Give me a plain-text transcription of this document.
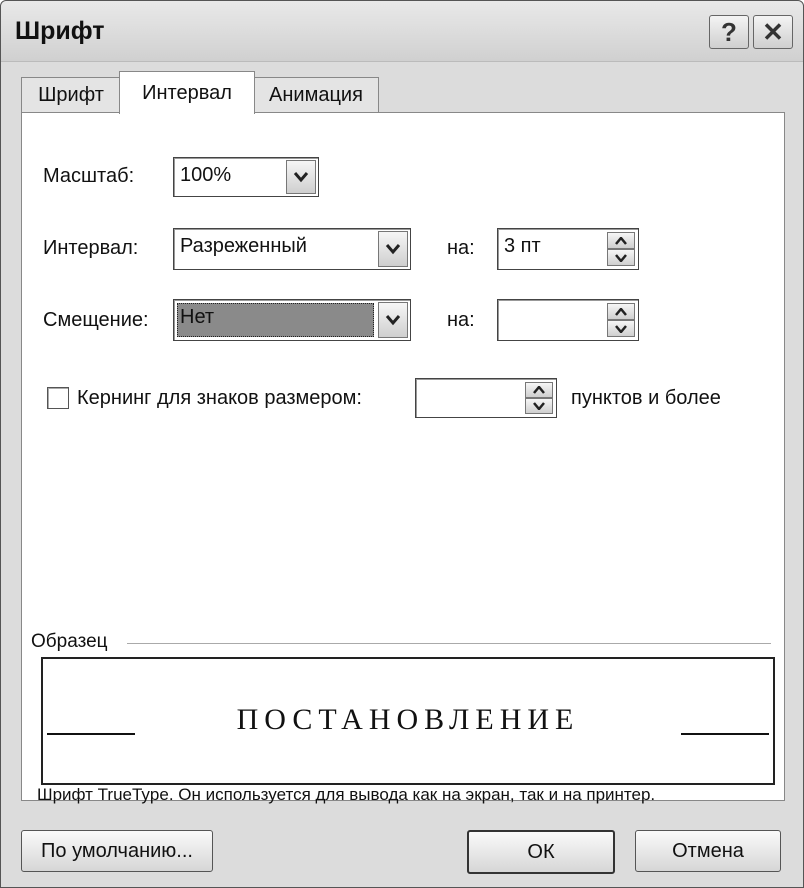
Шрифт	? ✕
Шрифт Интервал Анимация
Масштаб: 100%
Интервал: Разреженный	на: 3 пт
Смещение: Нет	на:
Кернинг для знаков размером:	пунктов и более
Образец
ПОСТАНОВЛЕНИЕ
Шрифт TrueType. Он используется для вывода как на экран, так и на принтер.
По умолчанию...	ОК	Отмена
